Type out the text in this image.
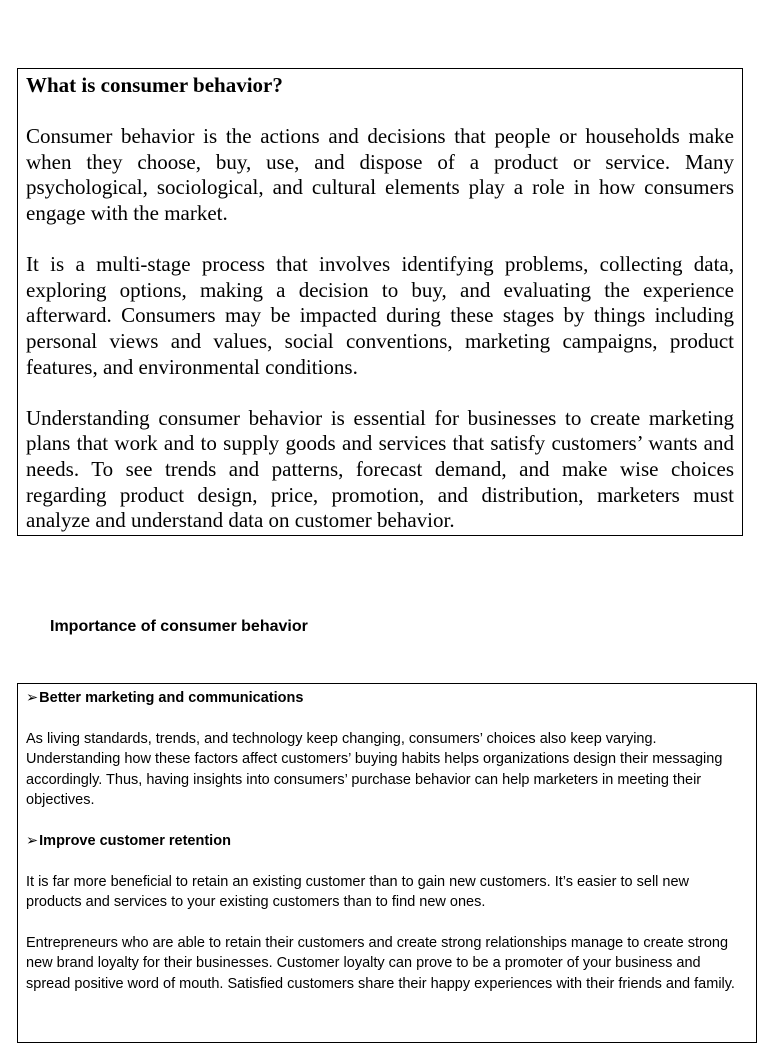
What is consumer behavior?

Consumer behavior is the actions and decisions that people or households make when they choose, buy, use, and dispose of a product or service. Many psychological, sociological, and cultural elements play a role in how consumers engage with the market.

It is a multi-stage process that involves identifying problems, collecting data, exploring options, making a decision to buy, and evaluating the experience afterward. Consumers may be impacted during these stages by things including personal views and values, social conventions, marketing campaigns, product features, and environmental conditions.

Understanding consumer behavior is essential for businesses to create marketing plans that work and to supply goods and services that satisfy customers’ wants and needs. To see trends and patterns, forecast demand, and make wise choices regarding product design, price, promotion, and distribution, marketers must analyze and understand data on customer behavior.

Importance of consumer behavior
➢ Better marketing and communications

As living standards, trends, and technology keep changing, consumers’ choices also keep varying. Understanding how these factors affect customers’ buying habits helps organizations design their messaging accordingly. Thus, having insights into consumers’ purchase behavior can help marketers in meeting their objectives.

➢ Improve customer retention

It is far more beneficial to retain an existing customer than to gain new customers. It’s easier to sell new products and services to your existing customers than to find new ones.

Entrepreneurs who are able to retain their customers and create strong relationships manage to create strong new brand loyalty for their businesses. Customer loyalty can prove to be a promoter of your business and spread positive word of mouth. Satisfied customers share their happy experiences with their friends and family.
